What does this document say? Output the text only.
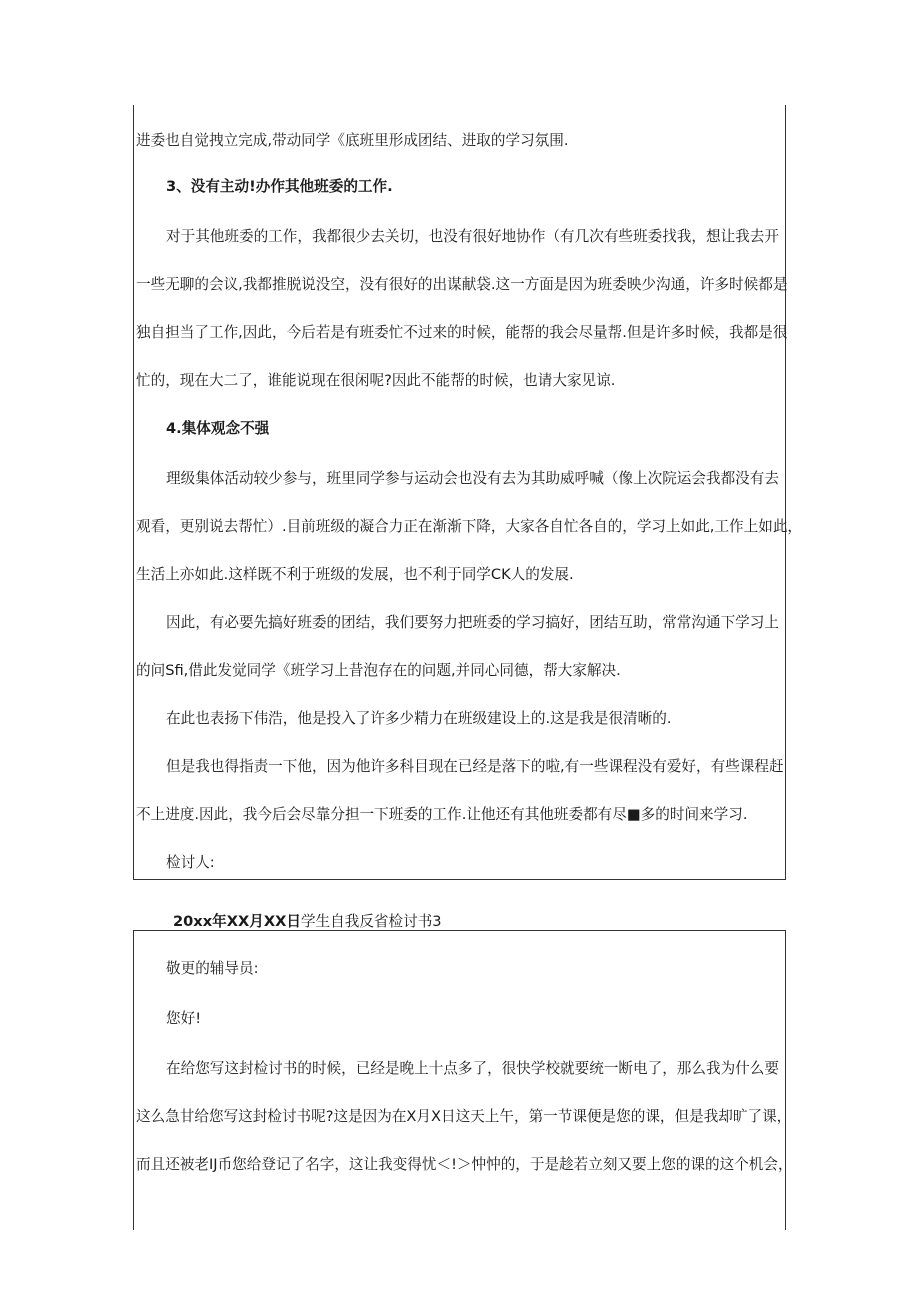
进委也自觉拽立完成,带动同学《底班里形成团结、进取的学习氛围.
3、没有主动!办作其他班委的工作.
对于其他班委的工作，我都很少去关切，也没有很好地协作（有几次有些班委找我，想让我去开
一些无聊的会议,我都推脱说没空，没有很好的出谋献袋.这一方面是因为班委映少沟通，许多时候都是
独自担当了工作,因此，今后若是有班委忙不过来的时候，能帮的我会尽量帮.但是许多时候，我都是很
忙的，现在大二了，谁能说现在很闲呢?因此不能帮的时候，也请大家见谅.
4.集体观念不强
理级集体活动较少参与，班里同学参与运动会也没有去为其助威呼喊（像上次院运会我都没有去
观看，更别说去帮忙）.目前班级的凝合力正在渐渐下降，大家各自忙各自的，学习上如此,工作上如此，
生活上亦如此.这样既不利于班级的发展，也不利于同学CK人的发展.
因此，有必要先搞好班委的团结，我们要努力把班委的学习搞好，团结互助，常常沟通下学习上
的问Sfi,借此发觉同学《班学习上昔泡存在的问题,并同心同德，帮大家解决.
在此也表扬下伟浩，他是投入了许多少精力在班级建设上的.这是我是很清晰的.
但是我也得指责一下他，因为他许多科目现在已经是落下的啦,有一些课程没有爱好，有些课程赶
不上进度.因此，我今后会尽靠分担一下班委的工作.让他还有其他班委都有尽■多的时间来学习.
检讨人:
20xx年XX月XX日学生自我反省检讨书3
敬更的辅导员:
您好!
在给您写这封检讨书的时候，已经是晚上十点多了，很快学校就要统一断电了，那么我为什么要
这么急甘给您写这封检讨书呢?这是因为在X月X日这天上午，第一节课便是您的课，但是我却旷了课，
而且还被老IJ币您给登记了名字，这让我变得忧＜!＞忡忡的，于是趁若立刻又要上您的课的这个机会，
